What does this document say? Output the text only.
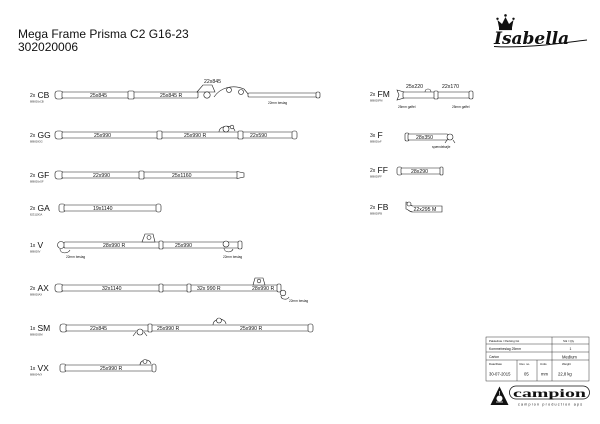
Mega Frame Prisma C2 G16-23
302020006	Isabella
2x CB
886000xCB
25x845	25x845 R
22x845
22mm beslag
2x GG
886000GG
25x990	25x990 R	22x590
2x GF
886000xGF
22x990	25x1160
2x GA
823110GA
19x1140
1x V
886000V
28x990 R	25x990
22mm beslag	22mm beslag
2x AX
886000AX
32x1140	32x 990 R	28x990 R
22mm beslag
1x SM
886000SM
22x845	25x990 R	25x990 R
1x VX
886004VX
25x990 R
2x FM
886000FM
25x220	22x170
25mm gaffel	25mm gaffel
3x F
886000xF
28x350
spændebøjle
2x FF
886000FF
28x290
2x FB
886000FB
22x295 M
Pakkeliste / Packing list	Stk / Qty
Kommebeslag 25mm	1
Carton	Medium
Date/Dato	Rev. no.	Units	Weight
30-07-2015	05	mm 22,8 kg
campion
campion production aps
